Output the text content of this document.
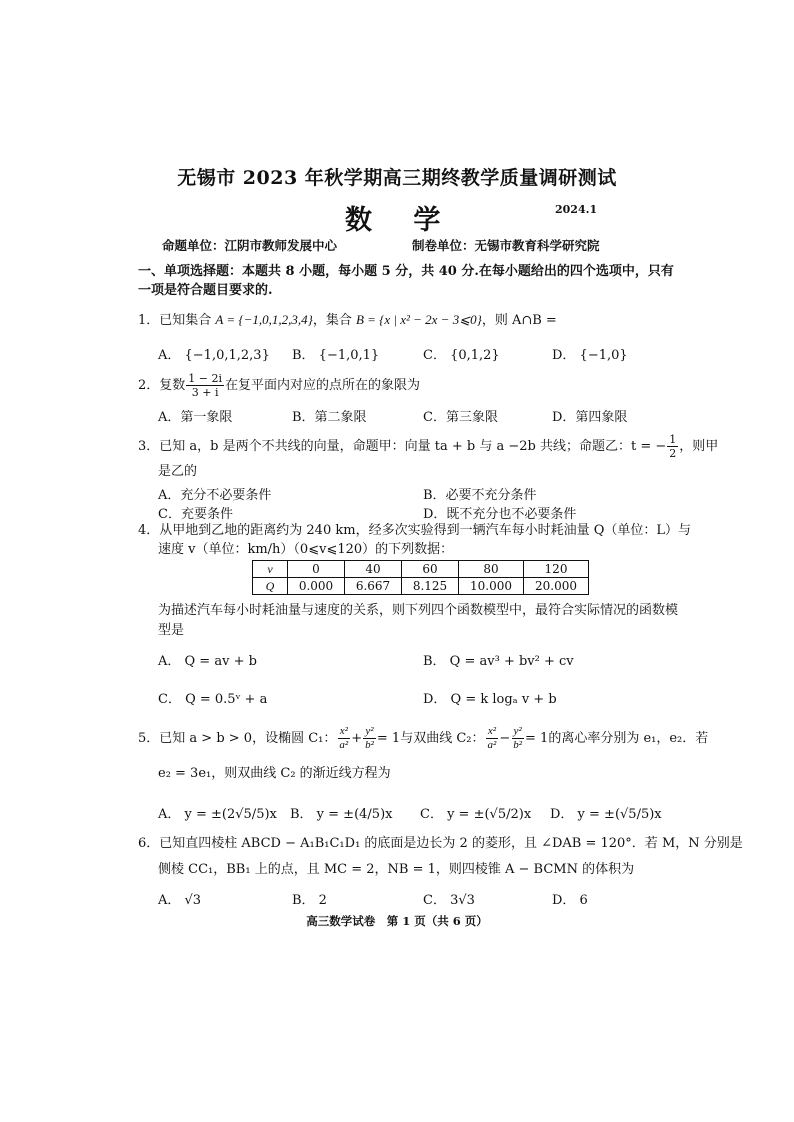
无锡市 2023 年秋学期高三期终教学质量调研测试
数 学	2024.1
命题单位：江阴市教师发展中心	制卷单位：无锡市教育科学研究院
一、单项选择题：本题共 8 小题，每小题 5 分，共 40 分.在每小题给出的四个选项中，只有一项是符合题目要求的.
1．已知集合 A = {−1,0,1,2,3,4}，集合 B = {x | x² − 2x − 3⩽0}，则 A∩B =
A． {−1,0,1,2,3} B． {−1,0,1}	C． {0,1,2}	D． {−1,0}
2．复数 $\frac{1 - 2i}{3 + i}$ 在复平面内对应的点所在的象限为
A．第一象限	B．第二象限	C．第三象限	D．第四象限
3．已知 a，b 是两个不共线的向量，命题甲：向量 ta + b 与 a −2b 共线；命题乙：t = − $\frac{1}{2}$ ，则甲
是乙的
A．充分不必要条件	B．必要不充分条件
C．充要条件	D．既不充分也不必要条件
4．从甲地到乙地的距离约为 240 km，经多次实验得到一辆汽车每小时耗油量 Q（单位：L）与
速度 v（单位：km/h）（0⩽v⩽120）的下列数据：
v	0	40	60	80	120
Q	0.000	6.667	8.125	10.000	20.000
为描述汽车每小时耗油量与速度的关系，则下列四个函数模型中，最符合实际情况的函数模
型是
A． Q = av + b	B． Q = av³ + bv² + cv
C． Q = 0.5ᵛ + a	D． Q = k logₐ v + b
5．已知 a > b > 0，设椭圆 C₁： $\frac{\text{x²}}{\text{a²}} + \frac{\text{y²}}{\text{b²}} = 1$与双曲线 C₂： $\frac{\text{x²}}{\text{a²}} - \frac{\text{y²}}{\text{b²}} = 1$的离心率分别为 e₁，e₂．若
e₂ = 3e₁，则双曲线 C₂ 的渐近线方程为
A． y = ±(2√5/5)x B． y = ±(4/5)x C． y = ±(√5/2)x D． y = ±(√5/5)x
6．已知直四棱柱 ABCD − A₁B₁C₁D₁ 的底面是边长为 2 的菱形，且 ∠DAB = 120°．若 M，N 分别是
侧棱 CC₁，BB₁ 上的点，且 MC = 2，NB = 1，则四棱锥 A − BCMN 的体积为
A． √3	B． 2	C． 3√3	D． 6
高三数学试卷　第 1 页（共 6 页）
